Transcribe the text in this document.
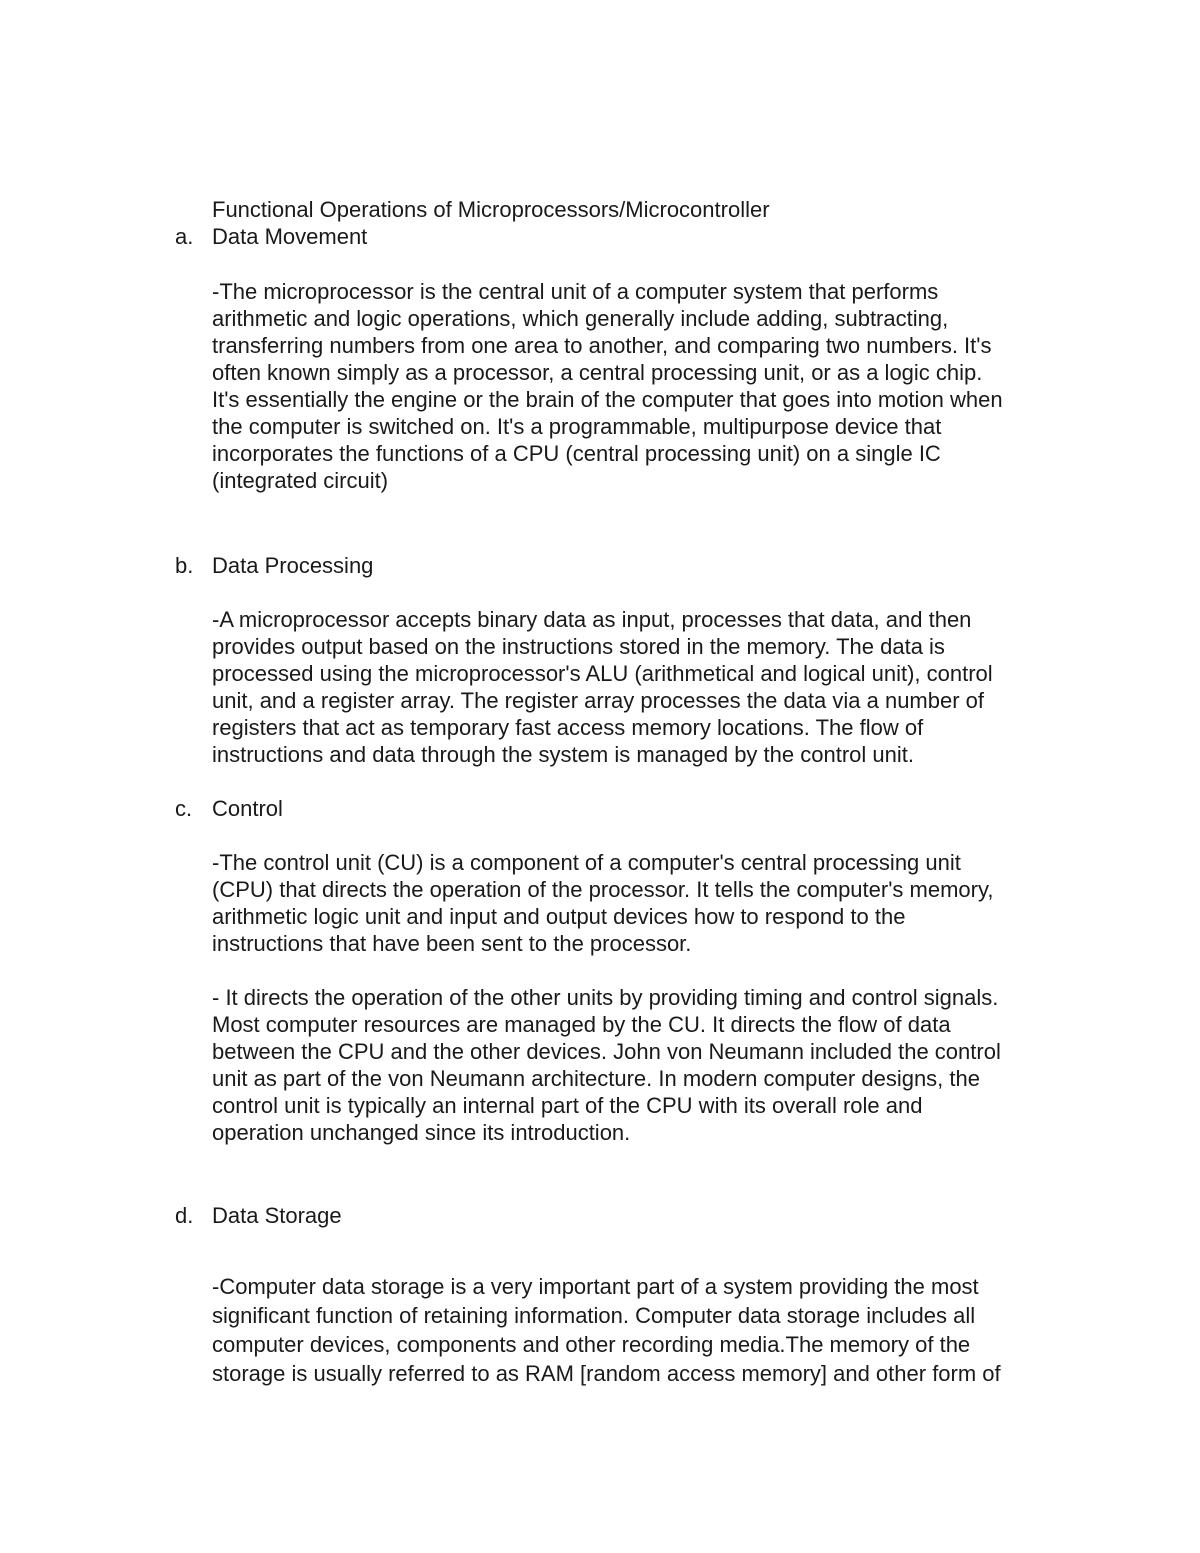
Functional Operations of Microprocessors/Microcontroller
a. Data Movement
-The microprocessor is the central unit of a computer system that performs
arithmetic and logic operations, which generally include adding, subtracting,
transferring numbers from one area to another, and comparing two numbers. It's
often known simply as a processor, a central processing unit, or as a logic chip.
It's essentially the engine or the brain of the computer that goes into motion when
the computer is switched on. It's a programmable, multipurpose device that
incorporates the functions of a CPU (central processing unit) on a single IC
(integrated circuit)
b. Data Processing
-A microprocessor accepts binary data as input, processes that data, and then
provides output based on the instructions stored in the memory. The data is
processed using the microprocessor's ALU (arithmetical and logical unit), control
unit, and a register array. The register array processes the data via a number of
registers that act as temporary fast access memory locations. The flow of
instructions and data through the system is managed by the control unit.
c. Control
-The control unit (CU) is a component of a computer's central processing unit
(CPU) that directs the operation of the processor. It tells the computer's memory,
arithmetic logic unit and input and output devices how to respond to the
instructions that have been sent to the processor.
- It directs the operation of the other units by providing timing and control signals.
Most computer resources are managed by the CU. It directs the flow of data
between the CPU and the other devices. John von Neumann included the control
unit as part of the von Neumann architecture. In modern computer designs, the
control unit is typically an internal part of the CPU with its overall role and
operation unchanged since its introduction.
d. Data Storage
-Computer data storage is a very important part of a system providing the most
significant function of retaining information. Computer data storage includes all
computer devices, components and other recording media.The memory of the
storage is usually referred to as RAM [random access memory] and other form of
